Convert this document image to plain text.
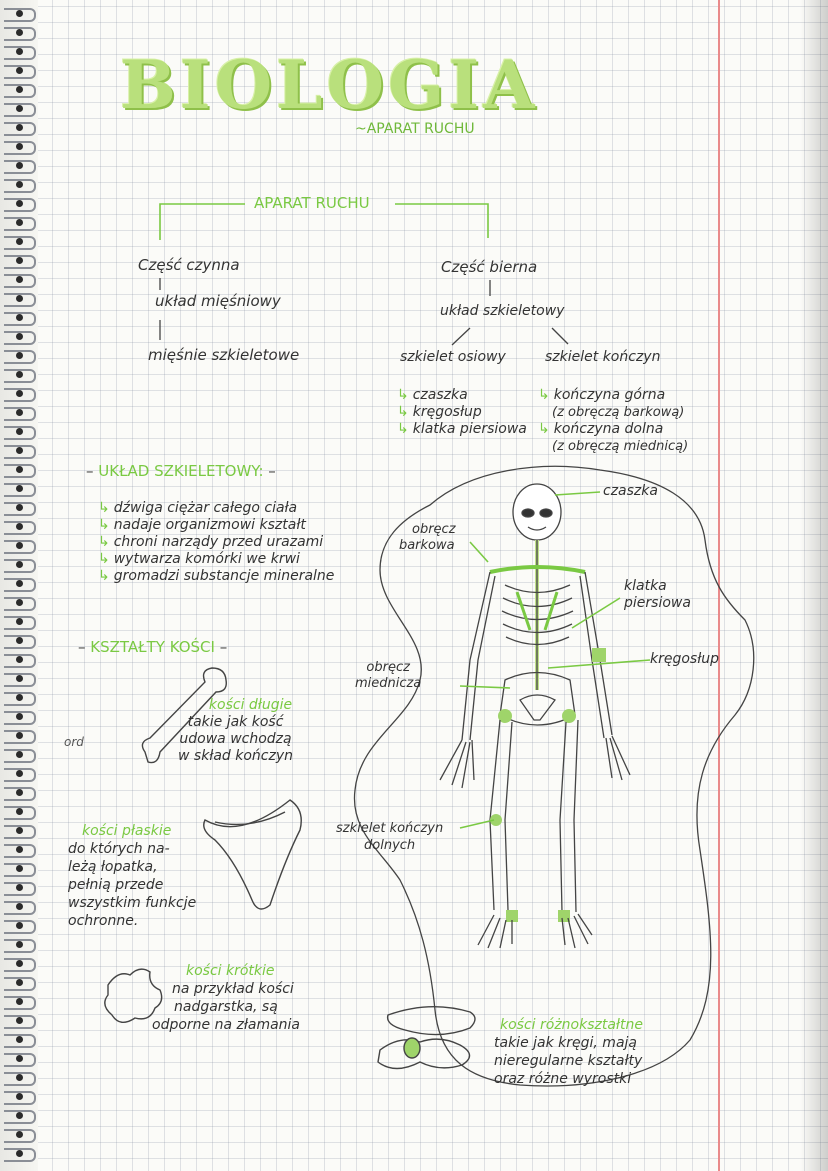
BIOLOGIA
~APARAT RUCHU
APARAT RUCHU
Część czynna
układ mięśniowy
mięśnie szkieletowe
Część bierna
układ szkieletowy
szkielet osiowy	szkielet kończyn
↳ czaszka
↳ kręgosłup
↳ klatka piersiowa
↳ kończyna górna
(z obręczą barkową)
↳ kończyna dolna
(z obręczą miednicą)
– UKŁAD SZKIELETOWY: –
↳ dźwiga ciężar całego ciała
↳ nadaje organizmowi kształt
↳ chroni narządy przed urazami
↳ wytwarza komórki we krwi
↳ gromadzi substancje mineralne
czaszka
obręcz
barkowa
klatka
piersiowa
kręgosłup
obręcz
miednicza
szkielet kończyn
dolnych
– KSZTAŁTY KOŚCI –
ord
kości długie
takie jak kość
udowa wchodzą
w skład kończyn
kości płaskie
do których na-
leżą łopatka,
pełnią przede
wszystkim funkcje
ochronne.
kości krótkie
na przykład kości
nadgarstka, są
odporne na złamania	kości różnokształtne
takie jak kręgi, mają
nieregularne kształty
oraz różne wyrostki
